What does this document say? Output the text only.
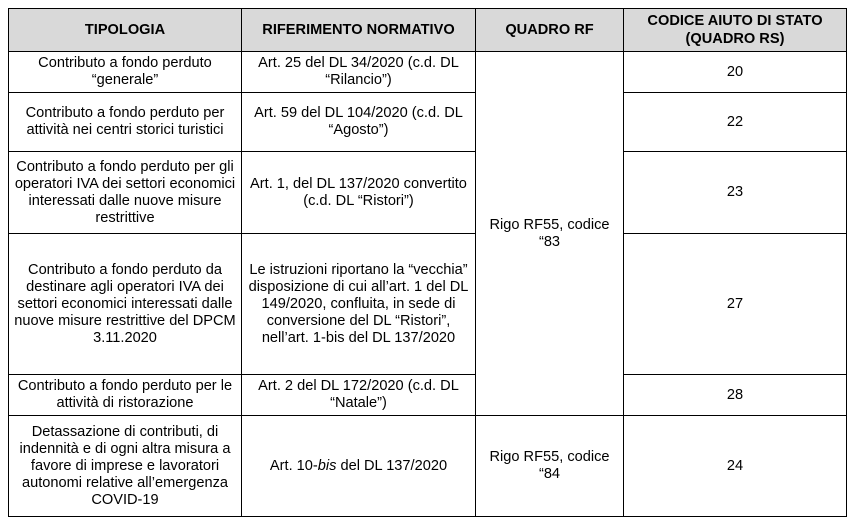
TIPOLOGIA	RIFERIMENTO NORMATIVO	QUADRO RF	CODICE AIUTO DI STATO (QUADRO RS)
Contributo a fondo perduto “generale”	Art. 25 del DL 34/2020 (c.d. DL “Rilancio”)	Rigo RF55, codice “83	20
Contributo a fondo perduto per attività nei centri storici turistici	Art. 59 del DL 104/2020 (c.d. DL “Agosto”)		22
Contributo a fondo perduto per gli operatori IVA dei settori economici interessati dalle nuove misure restrittive	Art. 1, del DL 137/2020 convertito (c.d. DL “Ristori”)		23
Contributo a fondo perduto da destinare agli operatori IVA dei settori economici interessati dalle nuove misure restrittive del DPCM 3.11.2020	Le istruzioni riportano la “vecchia” disposizione di cui all’art. 1 del DL 149/2020, confluita, in sede di conversione del DL “Ristori”, nell’art. 1-bis del DL 137/2020		27
Contributo a fondo perduto per le attività di ristorazione	Art. 2 del DL 172/2020 (c.d. DL “Natale”)		28
Detassazione di contributi, di indennità e di ogni altra misura a favore di imprese e lavoratori autonomi relative all’emergenza COVID-19	Art. 10-bis del DL 137/2020	Rigo RF55, codice “84	24
